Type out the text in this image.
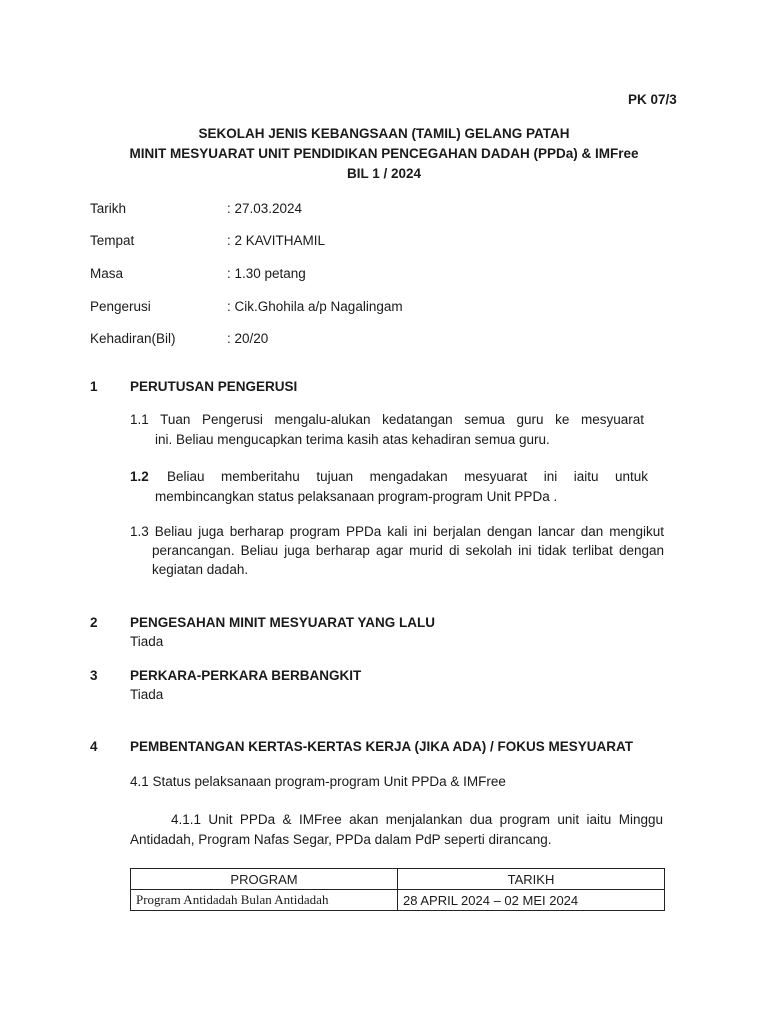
PK 07/3
SEKOLAH JENIS KEBANGSAAN (TAMIL) GELANG PATAH
MINIT MESYUARAT UNIT PENDIDIKAN PENCEGAHAN DADAH (PPDa) & IMFree
BIL 1 / 2024
Tarikh	: 27.03.2024
Tempat	: 2 KAVITHAMIL
Masa	: 1.30 petang
Pengerusi	: Cik.Ghohila a/p Nagalingam
Kehadiran(Bil)	: 20/20
1 PERUTUSAN PENGERUSI
1.1 Tuan Pengerusi mengalu-alukan kedatangan semua guru ke mesyuarat
ini. Beliau mengucapkan terima kasih atas kehadiran semua guru.
1.2 Beliau memberitahu tujuan mengadakan mesyuarat ini iaitu untuk
membincangkan status pelaksanaan program-program Unit PPDa .
1.3 Beliau juga berharap program PPDa kali ini berjalan dengan lancar dan mengikut
perancangan. Beliau juga berharap agar murid di sekolah ini tidak terlibat dengan
kegiatan dadah.
2 PENGESAHAN MINIT MESYUARAT YANG LALU
Tiada
3 PERKARA-PERKARA BERBANGKIT
Tiada
4 PEMBENTANGAN KERTAS-KERTAS KERJA (JIKA ADA) / FOKUS MESYUARAT
4.1 Status pelaksanaan program-program Unit PPDa & IMFree
4.1.1 Unit PPDa & IMFree akan menjalankan dua program unit iaitu Minggu
Antidadah, Program Nafas Segar, PPDa dalam PdP seperti dirancang.
PROGRAM	TARIKH
Program Antidadah Bulan Antidadah	28 APRIL 2024 – 02 MEI 2024
